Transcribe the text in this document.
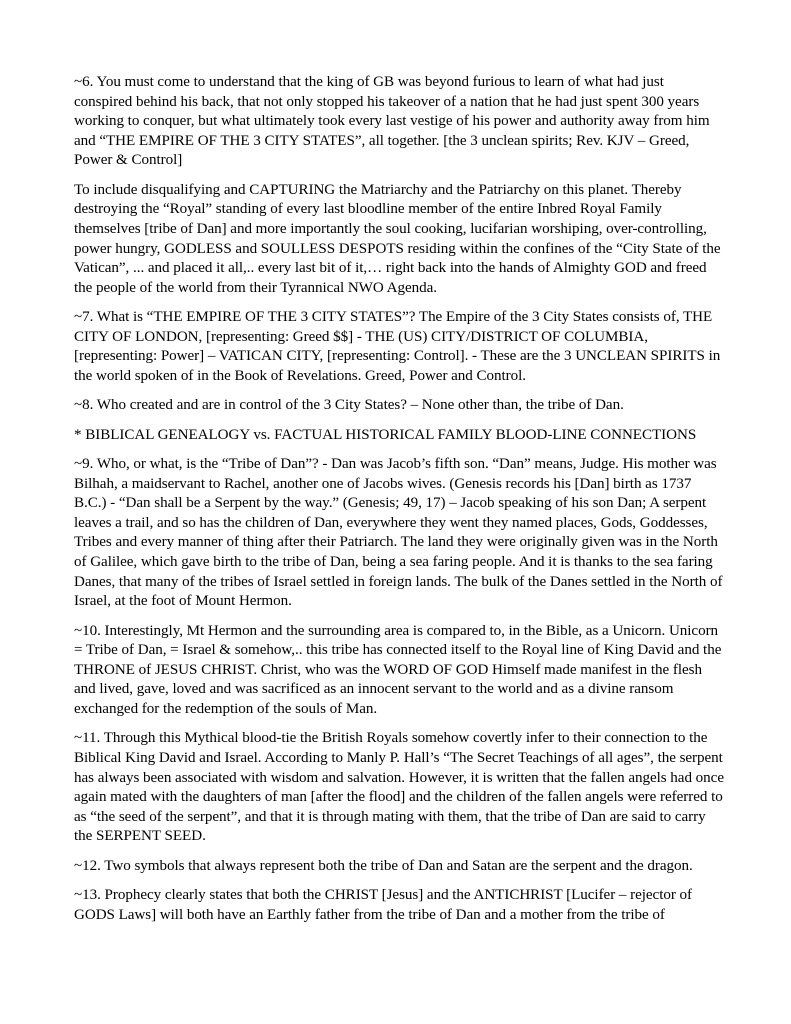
~6. You must come to understand that the king of GB was beyond furious to learn of what had just conspired behind his back, that not only stopped his takeover of a nation that he had just spent 300 years working to conquer, but what ultimately took every last vestige of his power and authority away from him and “THE EMPIRE OF THE 3 CITY STATES”, all together. [the 3 unclean spirits; Rev. KJV – Greed, Power & Control]

To include disqualifying and CAPTURING the Matriarchy and the Patriarchy on this planet. Thereby destroying the “Royal” standing of every last bloodline member of the entire Inbred Royal Family themselves [tribe of Dan] and more importantly the soul cooking, lucifarian worshiping, over-controlling, power hungry, GODLESS and SOULLESS DESPOTS residing within the confines of the “City State of the Vatican”, ... and placed it all,.. every last bit of it,… right back into the hands of Almighty GOD and freed the people of the world from their Tyrannical NWO Agenda.

~7. What is “THE EMPIRE OF THE 3 CITY STATES”? The Empire of the 3 City States consists of, THE CITY OF LONDON, [representing: Greed $$] - THE (US) CITY/DISTRICT OF COLUMBIA, [representing: Power] – VATICAN CITY, [representing: Control]. - These are the 3 UNCLEAN SPIRITS in the world spoken of in the Book of Revelations. Greed, Power and Control.

~8. Who created and are in control of the 3 City States? – None other than, the tribe of Dan.

* BIBLICAL GENEALOGY vs. FACTUAL HISTORICAL FAMILY BLOOD-LINE CONNECTIONS

~9. Who, or what, is the “Tribe of Dan”? - Dan was Jacob’s fifth son. “Dan” means, Judge. His mother was Bilhah, a maidservant to Rachel, another one of Jacobs wives. (Genesis records his [Dan] birth as 1737 B.C.) - “Dan shall be a Serpent by the way.” (Genesis; 49, 17) – Jacob speaking of his son Dan; A serpent leaves a trail, and so has the children of Dan, everywhere they went they named places, Gods, Goddesses, Tribes and every manner of thing after their Patriarch. The land they were originally given was in the North of Galilee, which gave birth to the tribe of Dan, being a sea faring people. And it is thanks to the sea faring Danes, that many of the tribes of Israel settled in foreign lands. The bulk of the Danes settled in the North of Israel, at the foot of Mount Hermon.

~10. Interestingly, Mt Hermon and the surrounding area is compared to, in the Bible, as a Unicorn. Unicorn = Tribe of Dan, = Israel & somehow,.. this tribe has connected itself to the Royal line of King David and the THRONE of JESUS CHRIST. Christ, who was the WORD OF GOD Himself made manifest in the flesh and lived, gave, loved and was sacrificed as an innocent servant to the world and as a divine ransom exchanged for the redemption of the souls of Man.

~11. Through this Mythical blood-tie the British Royals somehow covertly infer to their connection to the Biblical King David and Israel. According to Manly P. Hall’s “The Secret Teachings of all ages”, the serpent has always been associated with wisdom and salvation. However, it is written that the fallen angels had once again mated with the daughters of man [after the flood] and the children of the fallen angels were referred to as “the seed of the serpent”, and that it is through mating with them, that the tribe of Dan are said to carry the SERPENT SEED.

~12. Two symbols that always represent both the tribe of Dan and Satan are the serpent and the dragon.

~13. Prophecy clearly states that both the CHRIST [Jesus] and the ANTICHRIST [Lucifer – rejector of GODS Laws] will both have an Earthly father from the tribe of Dan and a mother from the tribe of
